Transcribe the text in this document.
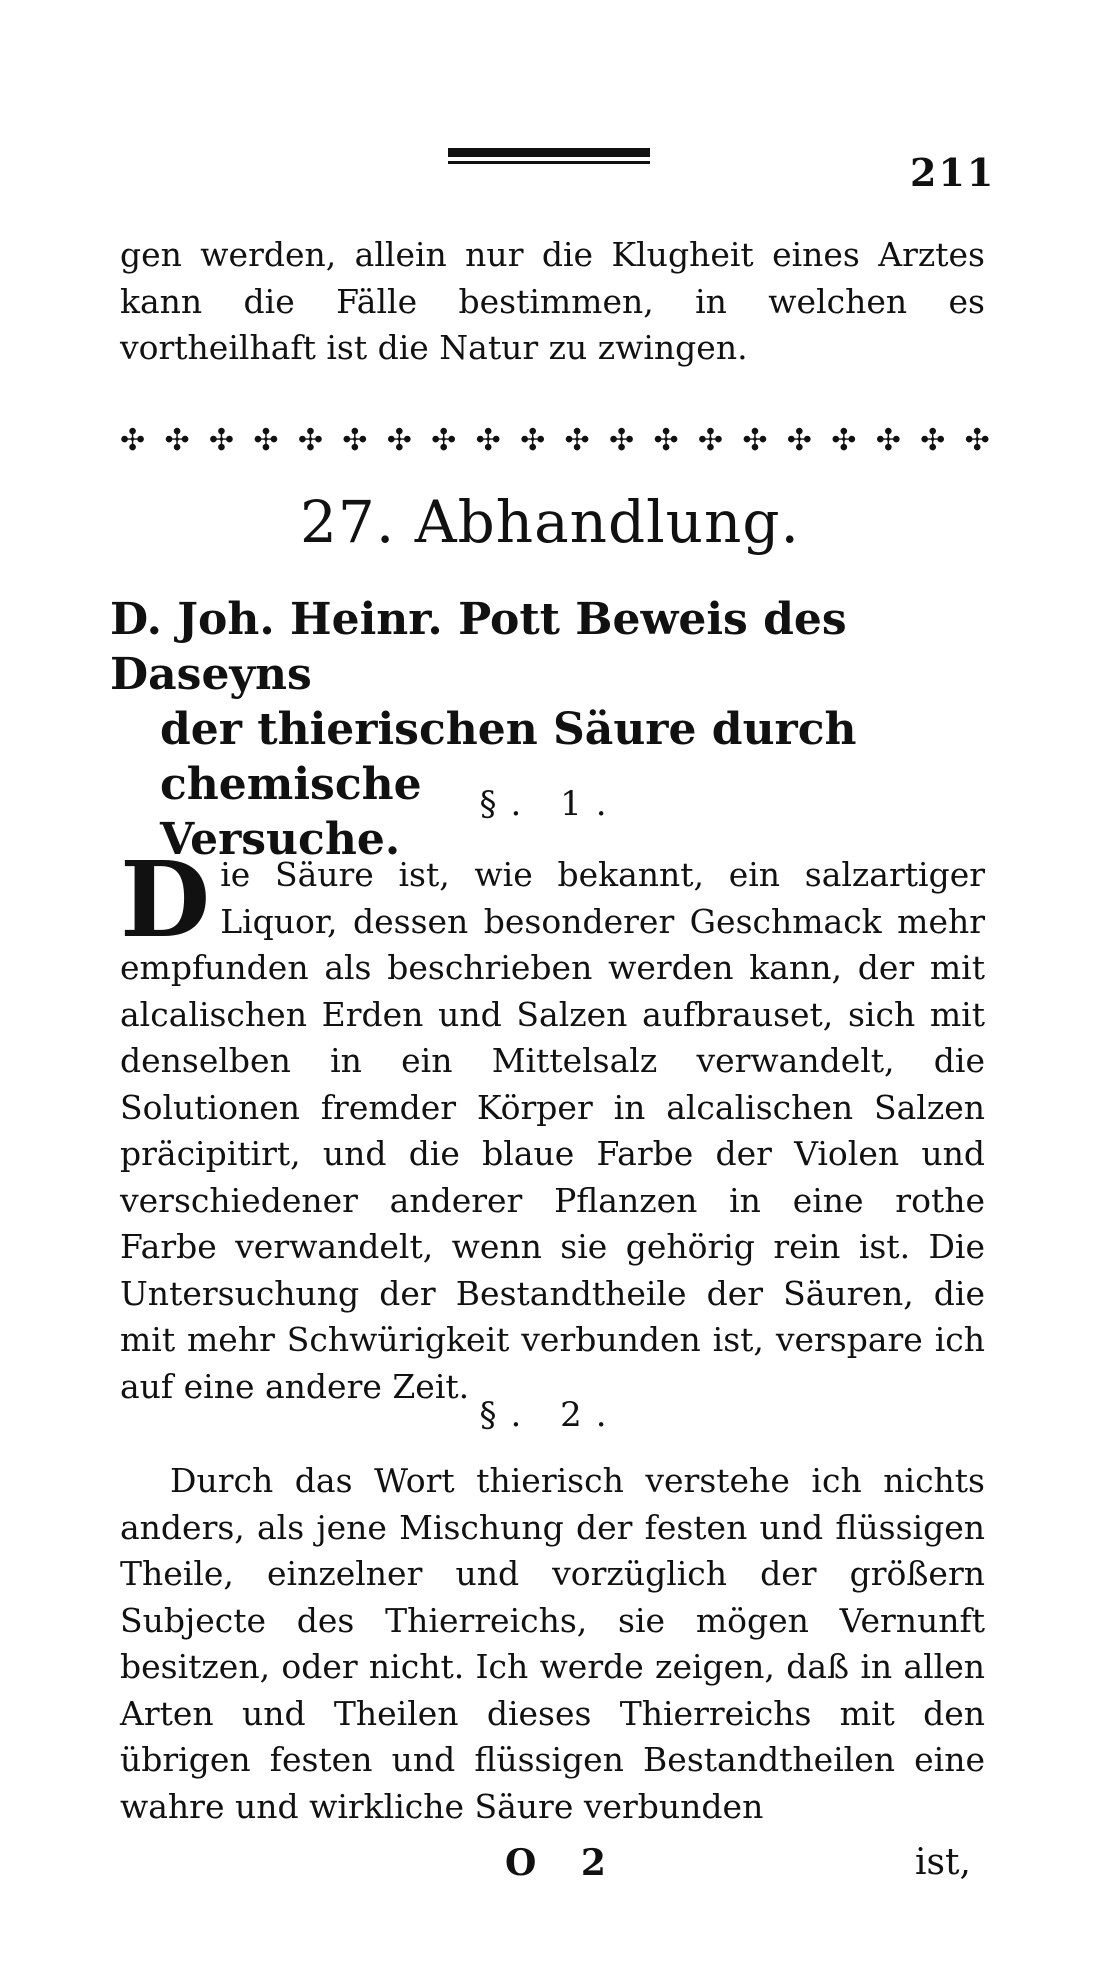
211
gen werden, allein nur die Klugheit eines Arztes kann die Fälle bestimmen, in welchen es vortheilhaft ist die Natur zu zwingen.
✣ ✣ ✣ ✣ ✣ ✣ ✣ ✣ ✣ ✣ ✣ ✣ ✣ ✣ ✣ ✣ ✣ ✣ ✣ ✣
27. Abhandlung.
D. Joh. Heinr. Pott Beweis des Daseyns
der thierischen Säure durch chemische
Versuche.
§. 1.
Die Säure ist, wie bekannt, ein salzartiger Liquor, dessen besonderer Geschmack mehr empfunden als beschrieben werden kann, der mit alcalischen Erden und Salzen aufbrauset, sich mit denselben in ein Mittelsalz verwandelt, die Solutionen fremder Körper in alcalischen Salzen präcipitirt, und die blaue Farbe der Violen und verschiedener anderer Pflanzen in eine rothe Farbe verwandelt, wenn sie gehörig rein ist. Die Untersuchung der Bestandtheile der Säuren, die mit mehr Schwürigkeit verbunden ist, verspare ich auf eine andere Zeit.
§. 2.
Durch das Wort thierisch verstehe ich nichts anders, als jene Mischung der festen und flüssigen Theile, einzelner und vorzüglich der größern Subjecte des Thierreichs, sie mögen Vernunft besitzen, oder nicht. Ich werde zeigen, daß in allen Arten und Theilen dieses Thierreichs mit den übrigen festen und flüssigen Bestandtheilen eine wahre und wirkliche Säure verbunden
O 2	ist,
